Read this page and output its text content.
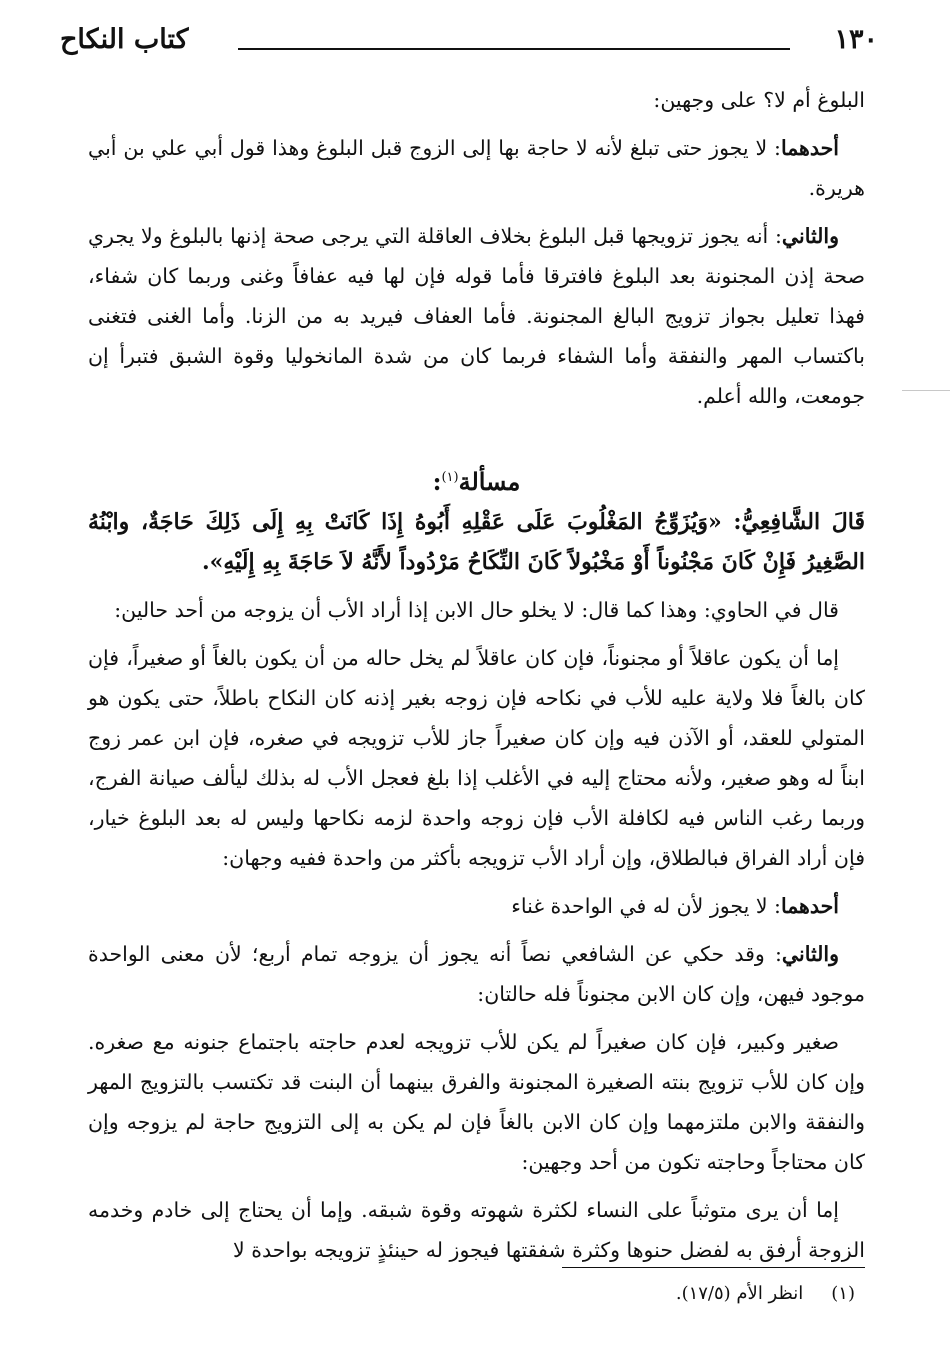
١٣٠
كتاب النكاح

البلوغ أم لا؟ على وجهين:

أحدهما: لا يجوز حتى تبلغ لأنه لا حاجة بها إلى الزوج قبل البلوغ وهذا قول أبي علي بن أبي هريرة.

والثاني: أنه يجوز تزويجها قبل البلوغ بخلاف العاقلة التي يرجى صحة إذنها بالبلوغ ولا يجري صحة إذن المجنونة بعد البلوغ فافترقا فأما قوله فإن لها فيه عفافاً وغنى وربما كان شفاء، فهذا تعليل بجواز تزويج البالغ المجنونة. فأما العفاف فيريد به من الزنا. وأما الغنى فتغنى باكتساب المهر والنفقة وأما الشفاء فربما كان من شدة المانخوليا وقوة الشبق فتبرأ إن جومعت، والله أعلم.

مسألة$^{(١)}$:

قَالَ الشَّافِعِيُّ: «وَيُزَوِّجُ المَغْلُوبَ عَلَى عَقْلِهِ أَبُوهُ إِذَا كَانَتْ بِهِ إِلَى ذَلِكَ حَاجَةٌ، وابْنُهُ الصَّغِيرُ فَإِنْ كَانَ مَجْنُوناً أَوْ مَخْبُولاً كَانَ النِّكَاحُ مَرْدُوداً لأَنَّهُ لاَ حَاجَةَ بِهِ إِلَيْهِ».

قال في الحاوي: وهذا كما قال: لا يخلو حال الابن إذا أراد الأب أن يزوجه من أحد حالين:

إما أن يكون عاقلاً أو مجنوناً، فإن كان عاقلاً لم يخل حاله من أن يكون بالغاً أو صغيراً، فإن كان بالغاً فلا ولاية عليه للأب في نكاحه فإن زوجه بغير إذنه كان النكاح باطلاً، حتى يكون هو المتولي للعقد، أو الآذن فيه وإن كان صغيراً جاز للأب تزويجه في صغره، فإن ابن عمر زوج ابناً له وهو صغير، ولأنه محتاج إليه في الأغلب إذا بلغ فعجل الأب له بذلك ليألف صيانة الفرج، وربما رغب الناس فيه لكافلة الأب فإن زوجه واحدة لزمه نكاحها وليس له بعد البلوغ خيار، فإن أراد الفراق فبالطلاق، وإن أراد الأب تزويجه بأكثر من واحدة ففيه وجهان:

أحدهما: لا يجوز لأن له في الواحدة غناء

والثاني: وقد حكي عن الشافعي نصاً أنه يجوز أن يزوجه تمام أربع؛ لأن معنى الواحدة موجود فيهن، وإن كان الابن مجنوناً فله حالتان:

صغير وكبير، فإن كان صغيراً لم يكن للأب تزويجه لعدم حاجته باجتماع جنونه مع صغره. وإن كان للأب تزويج بنته الصغيرة المجنونة والفرق بينهما أن البنت قد تكتسب بالتزويج المهر والنفقة والابن ملتزمهما وإن كان الابن بالغاً فإن لم يكن به إلى التزويج حاجة لم يزوجه وإن كان محتاجاً وحاجته تكون من أحد وجهين:

إما أن يرى متوثباً على النساء لكثرة شهوته وقوة شبقه. وإما أن يحتاج إلى خادم وخدمه الزوجة أرفق به لفضل حنوها وكثرة شفقتها فيجوز له حينئذٍ تزويجه بواحدة لا

(١)انظر الأم (١٧/٥).
